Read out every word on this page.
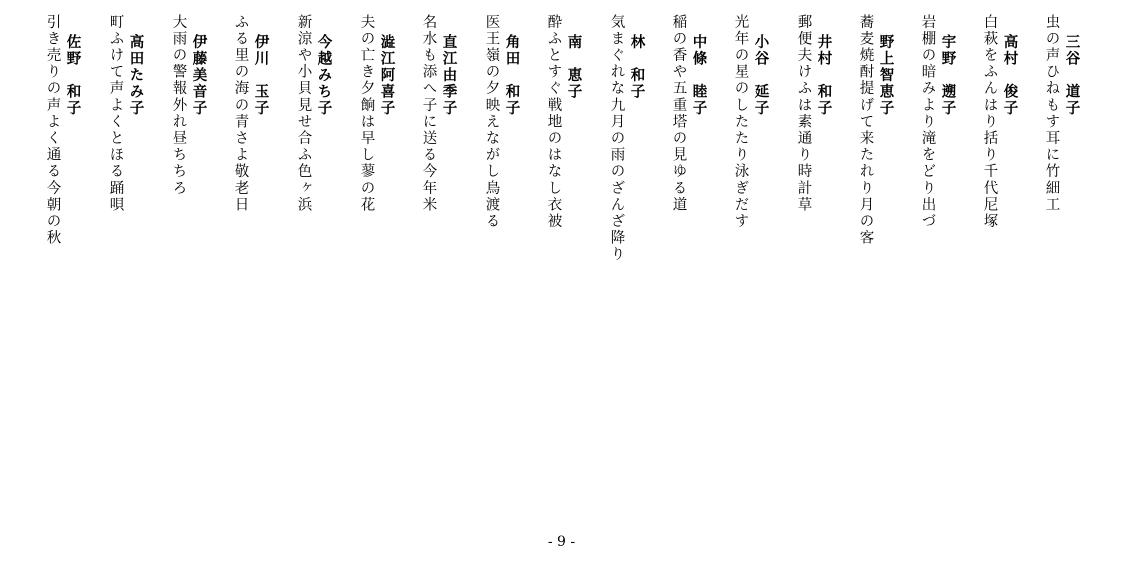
三谷　道子
虫の声ひねもす耳に竹細工
高村　俊子
白萩をふんはり括り千代尼塚
宇野　遡子
岩棚の暗みより滝をどり出づ
野上智恵子
蕎麦焼酎提げて来たれり月の客
井村　和子
郵便夫けふは素通り時計草
小谷　延子
光年の星のしたたり泳ぎだす
中條　睦子
稲の香や五重塔の見ゆる道
林　和子
気まぐれな九月の雨のざんざ降り
南　恵子
酔ふとすぐ戦地のはなし衣被
角田　和子
医王嶺の夕映えながし鳥渡る
直江由季子
名水も添へ子に送る今年米
澁江阿喜子
夫の亡き夕餉は早し蓼の花
今越みち子
新涼や小貝見せ合ふ色ヶ浜
伊川　玉子
ふる里の海の青さよ敬老日
伊藤美音子
大雨の警報外れ昼ちちろ
高田たみ子
町ふけて声よくとほる踊唄
佐野　和子
引き売りの声よく通る今朝の秋
- 9 -
